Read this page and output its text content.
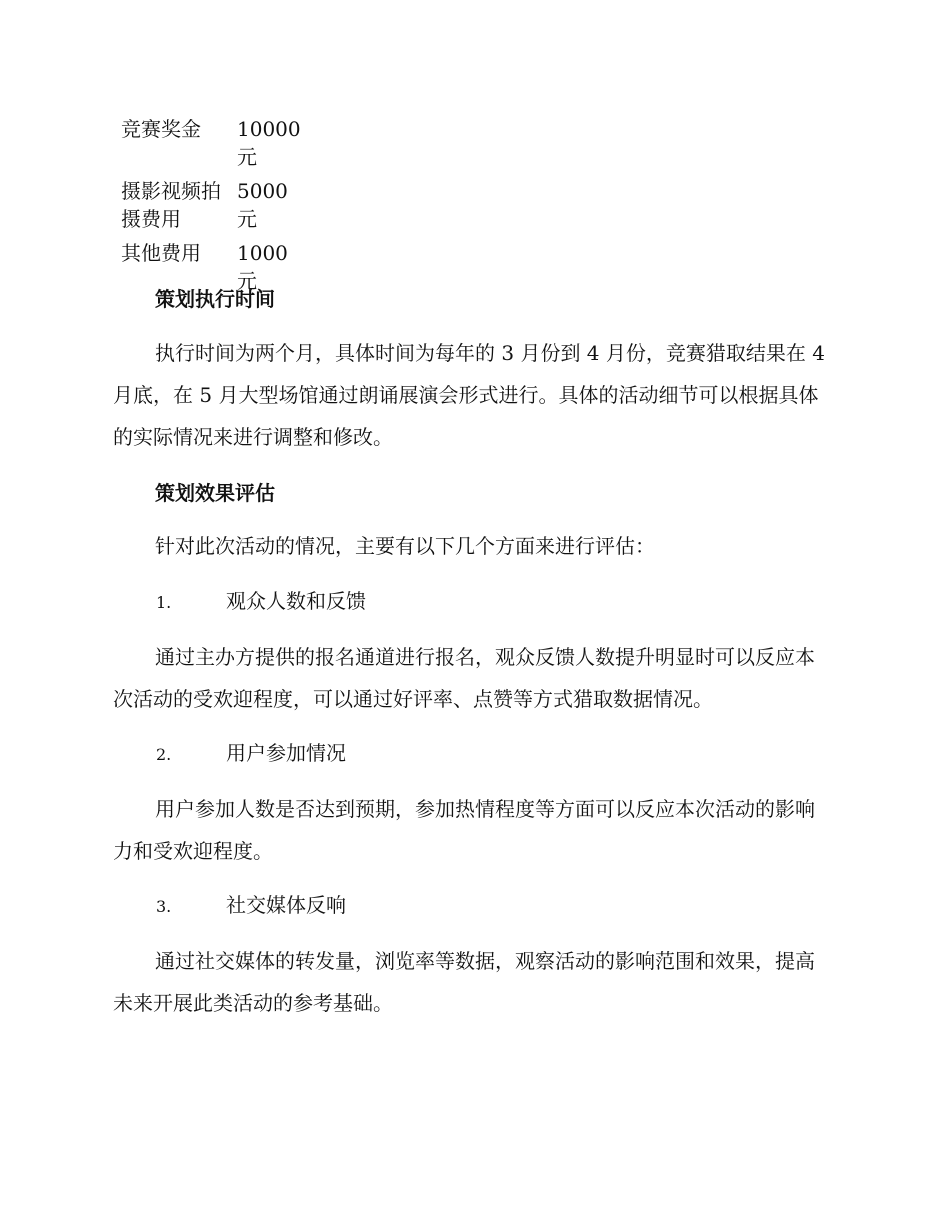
竞赛奖金	10000 元
摄影视频拍摄费用	5000 元
其他费用	1000 元
策划执行时间
执行时间为两个月，具体时间为每年的 3 月份到 4 月份，竞赛猎取结果在 4 月底，在 5 月大型场馆通过朗诵展演会形式进行。具体的活动细节可以根据具体的实际情况来进行调整和修改。
策划效果评估
针对此次活动的情况，主要有以下几个方面来进行评估：
1.	观众人数和反馈
通过主办方提供的报名通道进行报名，观众反馈人数提升明显时可以反应本次活动的受欢迎程度，可以通过好评率、点赞等方式猎取数据情况。
2.	用户参加情况
用户参加人数是否达到预期，参加热情程度等方面可以反应本次活动的影响力和受欢迎程度。
3.	社交媒体反响
通过社交媒体的转发量，浏览率等数据，观察活动的影响范围和效果，提高未来开展此类活动的参考基础。
